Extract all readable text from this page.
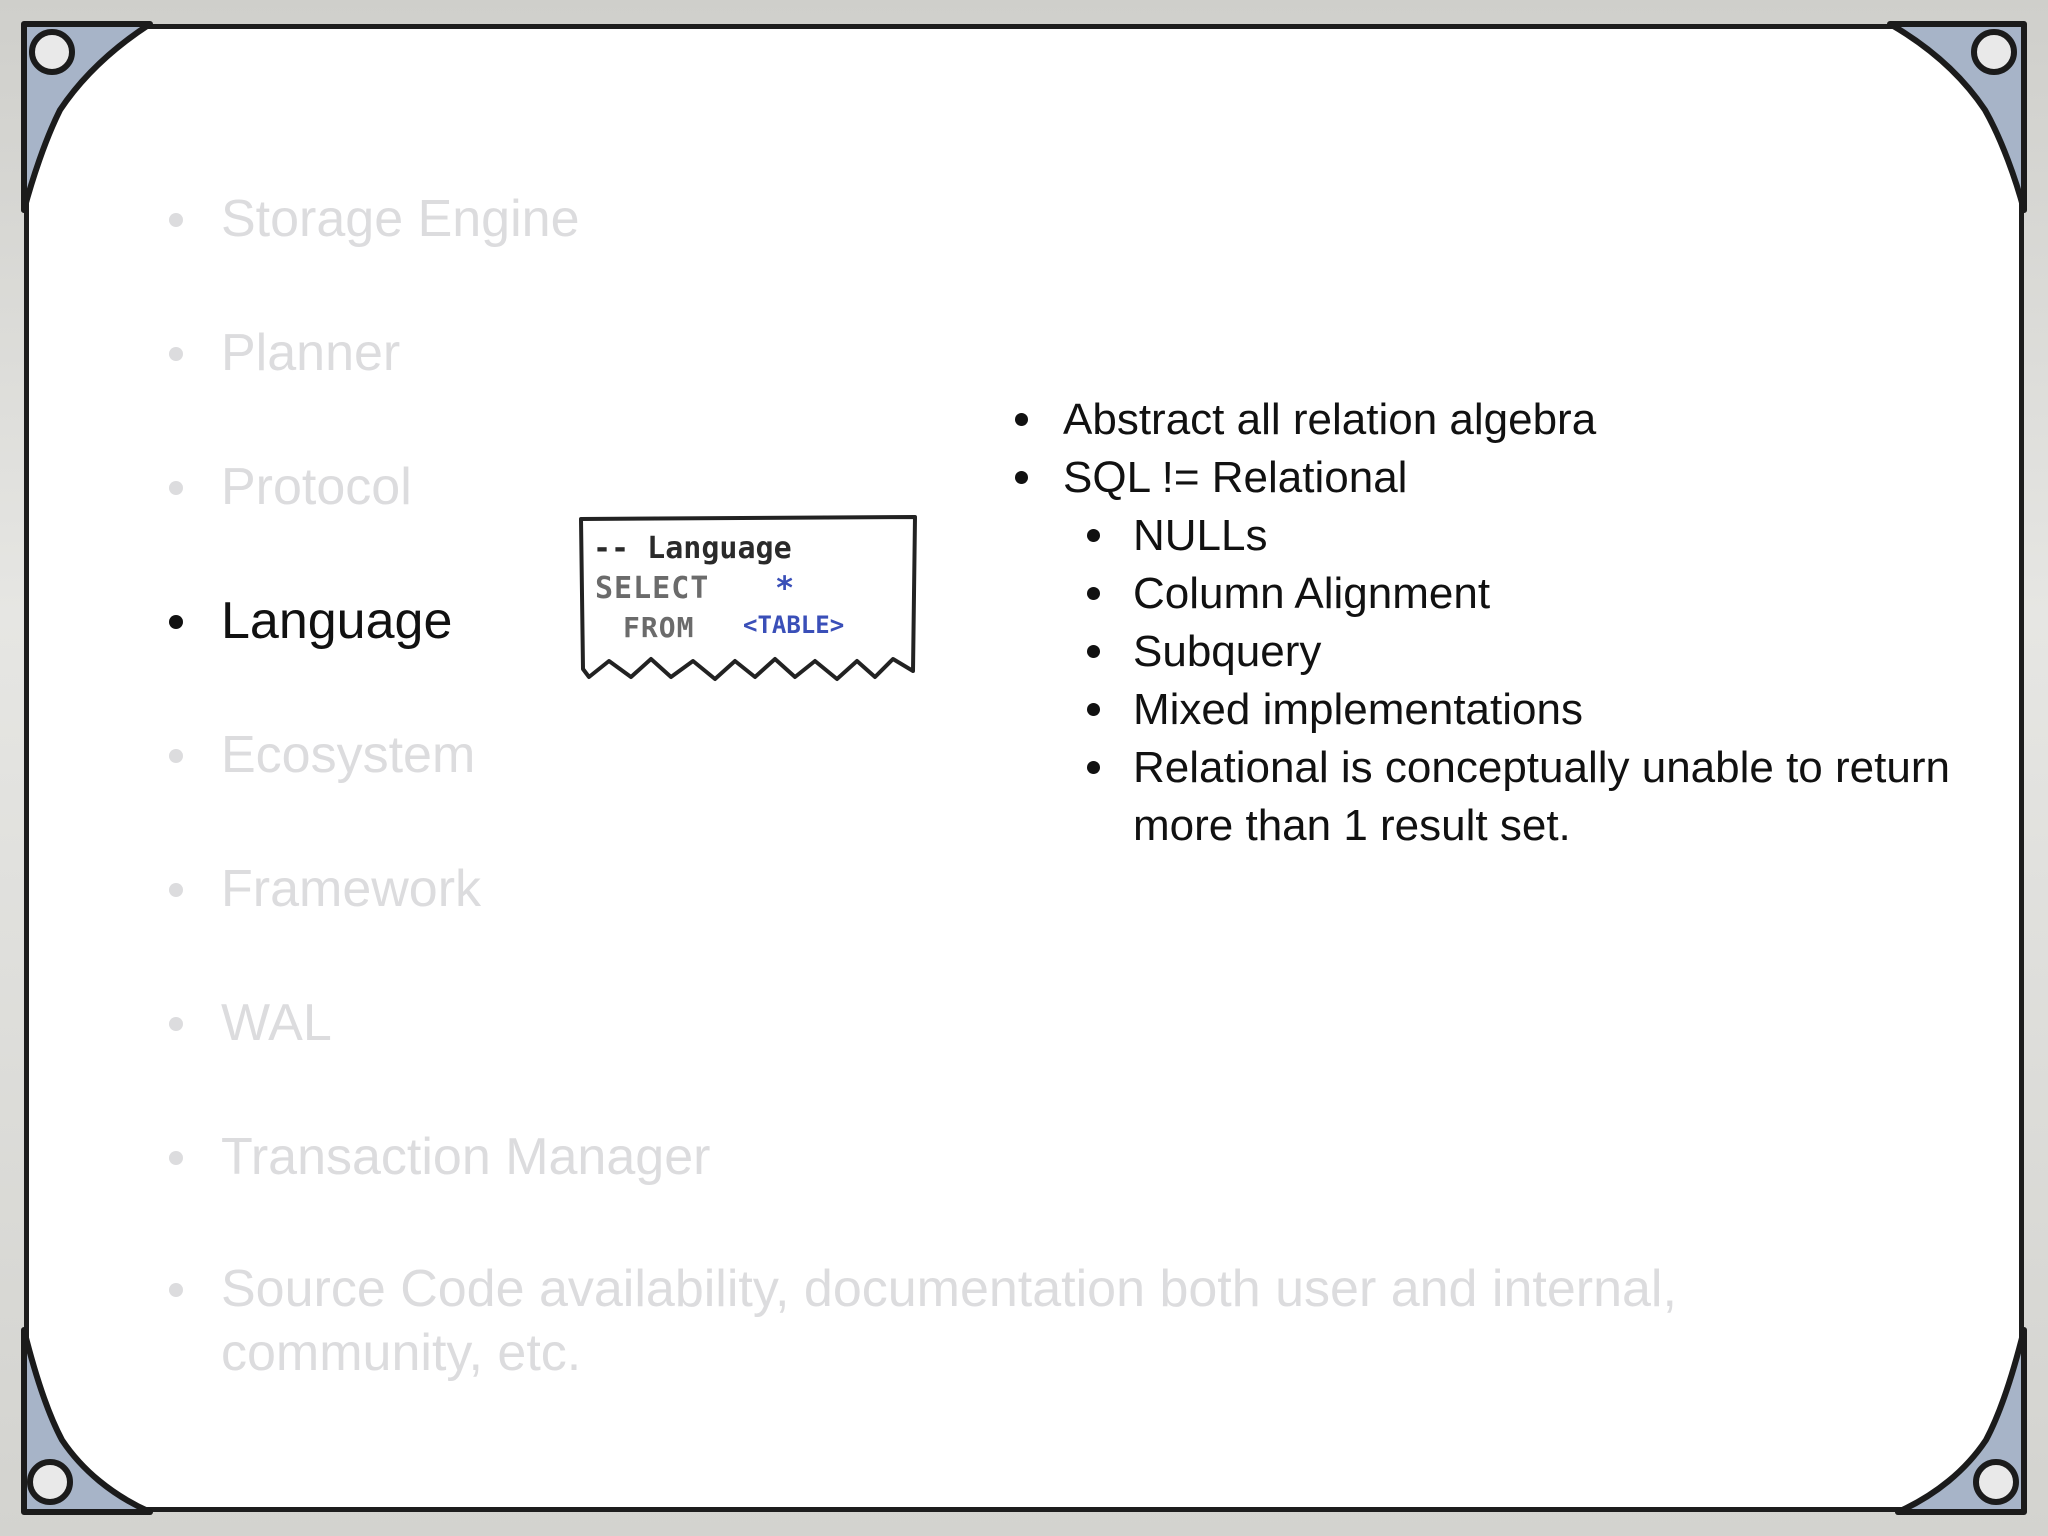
Storage Engine
Planner
Protocol
Language
Ecosystem
Framework
WAL
Transaction Manager
Source Code availability, documentation both user and internal, community, etc.
-- Language
SELECT *
FROM <TABLE>
Abstract all relation algebra
SQL != Relational
NULLs
Column Alignment
Subquery
Mixed implementations
Relational is conceptually unable to return more than 1 result set.
